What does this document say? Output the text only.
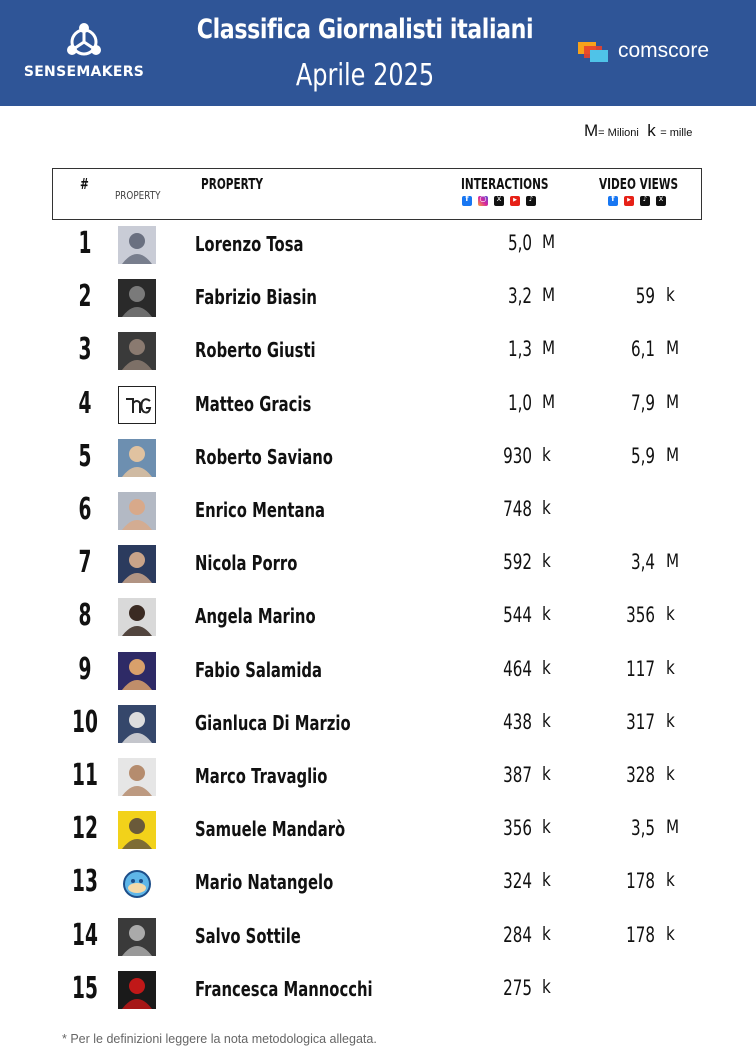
SENSEMAKERS
Classifica Giornalisti italiani
Aprile 2025
comscore
M= Milioni k = mille
#
PROPERTY
PROPERTY	INTERACTIONS	VIDEO VIEWS
f
○
x
▶
♪
f
▶
♪
x
1	Lorenzo Tosa	5,0 M
2	Fabrizio Biasin	3,2 M	59 k
3	Roberto Giusti	1,3 M	6,1 M
4	Matteo Gracis	1,0 M	7,9 M
5	Roberto Saviano	930 k	5,9 M
6	Enrico Mentana	748 k
7	Nicola Porro	592 k	3,4 M
8	Angela Marino	544 k	356 k
9	Fabio Salamida	464 k	117 k
10	Gianluca Di Marzio	438 k	317 k
11	Marco Travaglio	387 k	328 k
12	Samuele Mandarò	356 k	3,5 M
13	Mario Natangelo	324 k	178 k
14	Salvo Sottile	284 k	178 k
15	Francesca Mannocchi	275 k
* Per le definizioni leggere la nota metodologica allegata.
